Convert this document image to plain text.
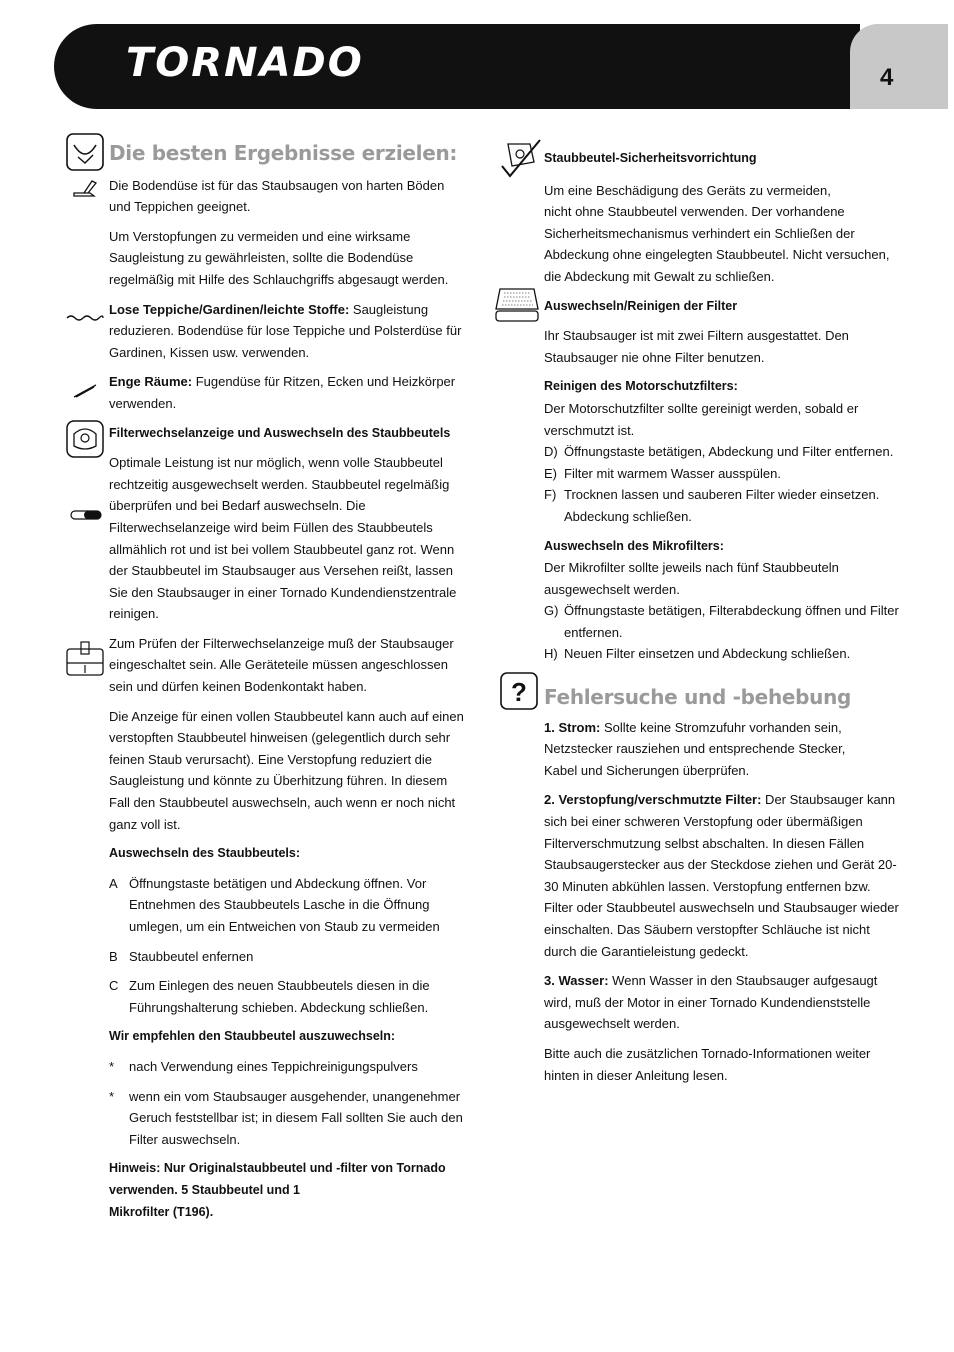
TORNADO	4
Die besten Ergebnisse erzielen:

Die Bodendüse ist für das Staubsaugen von harten Böden und Teppichen geeignet.

Um Verstopfungen zu vermeiden und eine wirksame Saugleistung zu gewährleisten, sollte die Bodendüse regelmäßig mit Hilfe des Schlauchgriffs abgesaugt werden.

Lose Teppiche/Gardinen/leichte Stoffe: Saugleistung reduzieren. Bodendüse für lose Teppiche und Polsterdüse für Gardinen, Kissen usw. verwenden.

Enge Räume: Fugendüse für Ritzen, Ecken und Heizkörper verwenden.

Filterwechselanzeige und Auswechseln des Staubbeutels

Optimale Leistung ist nur möglich, wenn volle Staubbeutel rechtzeitig ausgewechselt werden. Staubbeutel regelmäßig überprüfen und bei Bedarf auswechseln. Die Filterwechselanzeige wird beim Füllen des Staubbeutels allmählich rot und ist bei vollem Staubbeutel ganz rot. Wenn der Staubbeutel im Staubsauger aus Versehen reißt, lassen Sie den Staubsauger in einer Tornado Kundendienstzentrale reinigen.

Zum Prüfen der Filterwechselanzeige muß der Staubsauger eingeschaltet sein. Alle Geräteteile müssen angeschlossen sein und dürfen keinen Bodenkontakt haben.

Die Anzeige für einen vollen Staubbeutel kann auch auf einen verstopften Staubbeutel hinweisen (gelegentlich durch sehr feinen Staub verursacht). Eine Verstopfung reduziert die Saugleistung und könnte zu Überhitzung führen. In diesem Fall den Staubbeutel auswechseln, auch wenn er noch nicht ganz voll ist.

Auswechseln des Staubbeutels:

A Öffnungstaste betätigen und Abdeckung öffnen. Vor Entnehmen des Staubbeutels Lasche in die Öffnung umlegen, um ein Entweichen von Staub zu vermeiden
B Staubbeutel enfernen
C Zum Einlegen des neuen Staubbeutels diesen in die Führungshalterung schieben. Abdeckung schließen.

Wir empfehlen den Staubbeutel auszuwechseln:

*	nach Verwendung eines Teppichreinigungspulvers
*	wenn ein vom Staubsauger ausgehender, unangenehmer Geruch feststellbar ist; in diesem Fall sollten Sie auch den Filter auswechseln.
Hinweis: Nur Originalstaubbeutel und -filter von Tornado
verwenden. 5 Staubbeutel und 1
Mikrofilter (T196).
?

Staubbeutel-Sicherheitsvorrichtung

Um eine Beschädigung des Geräts zu vermeiden,
nicht ohne Staubbeutel verwenden. Der vorhandene Sicherheitsmechanismus verhindert ein Schließen der Abdeckung ohne eingelegten Staubbeutel. Nicht versuchen, die Abdeckung mit Gewalt zu schließen.

Auswechseln/Reinigen der Filter

Ihr Staubsauger ist mit zwei Filtern ausgestattet. Den Staubsauger nie ohne Filter benutzen.

Reinigen des Motorschutzfilters:

Der Motorschutzfilter sollte gereinigt werden, sobald er verschmutzt ist.

D) Öffnungstaste betätigen, Abdeckung und Filter entfernen.
E) Filter mit warmem Wasser ausspülen.
F) Trocknen lassen und sauberen Filter wieder einsetzen. Abdeckung schließen.

Auswechseln des Mikrofilters:

Der Mikrofilter sollte jeweils nach fünf Staubbeuteln ausgewechselt werden.

G) Öffnungstaste betätigen, Filterabdeckung öffnen und Filter entfernen.
H) Neuen Filter einsetzen und Abdeckung schließen.
Fehlersuche und -behebung

1. Strom: Sollte keine Stromzufuhr vorhanden sein,
Netzstecker rausziehen und entsprechende Stecker,
Kabel und Sicherungen überprüfen.

2. Verstopfung/verschmutzte Filter: Der Staubsauger kann sich bei einer schweren Verstopfung oder übermäßigen Filterverschmutzung selbst abschalten. In diesen Fällen Staubsaugerstecker aus der Steckdose ziehen und Gerät 20-30 Minuten abkühlen lassen. Verstopfung entfernen bzw. Filter oder Staubbeutel auswechseln und Staubsauger wieder einschalten. Das Säubern verstopfter Schläuche ist nicht durch die Garantieleistung gedeckt.

3. Wasser: Wenn Wasser in den Staubsauger aufgesaugt wird, muß der Motor in einer Tornado Kundendienststelle ausgewechselt werden.

Bitte auch die zusätzlichen Tornado-Informationen weiter hinten in dieser Anleitung lesen.
